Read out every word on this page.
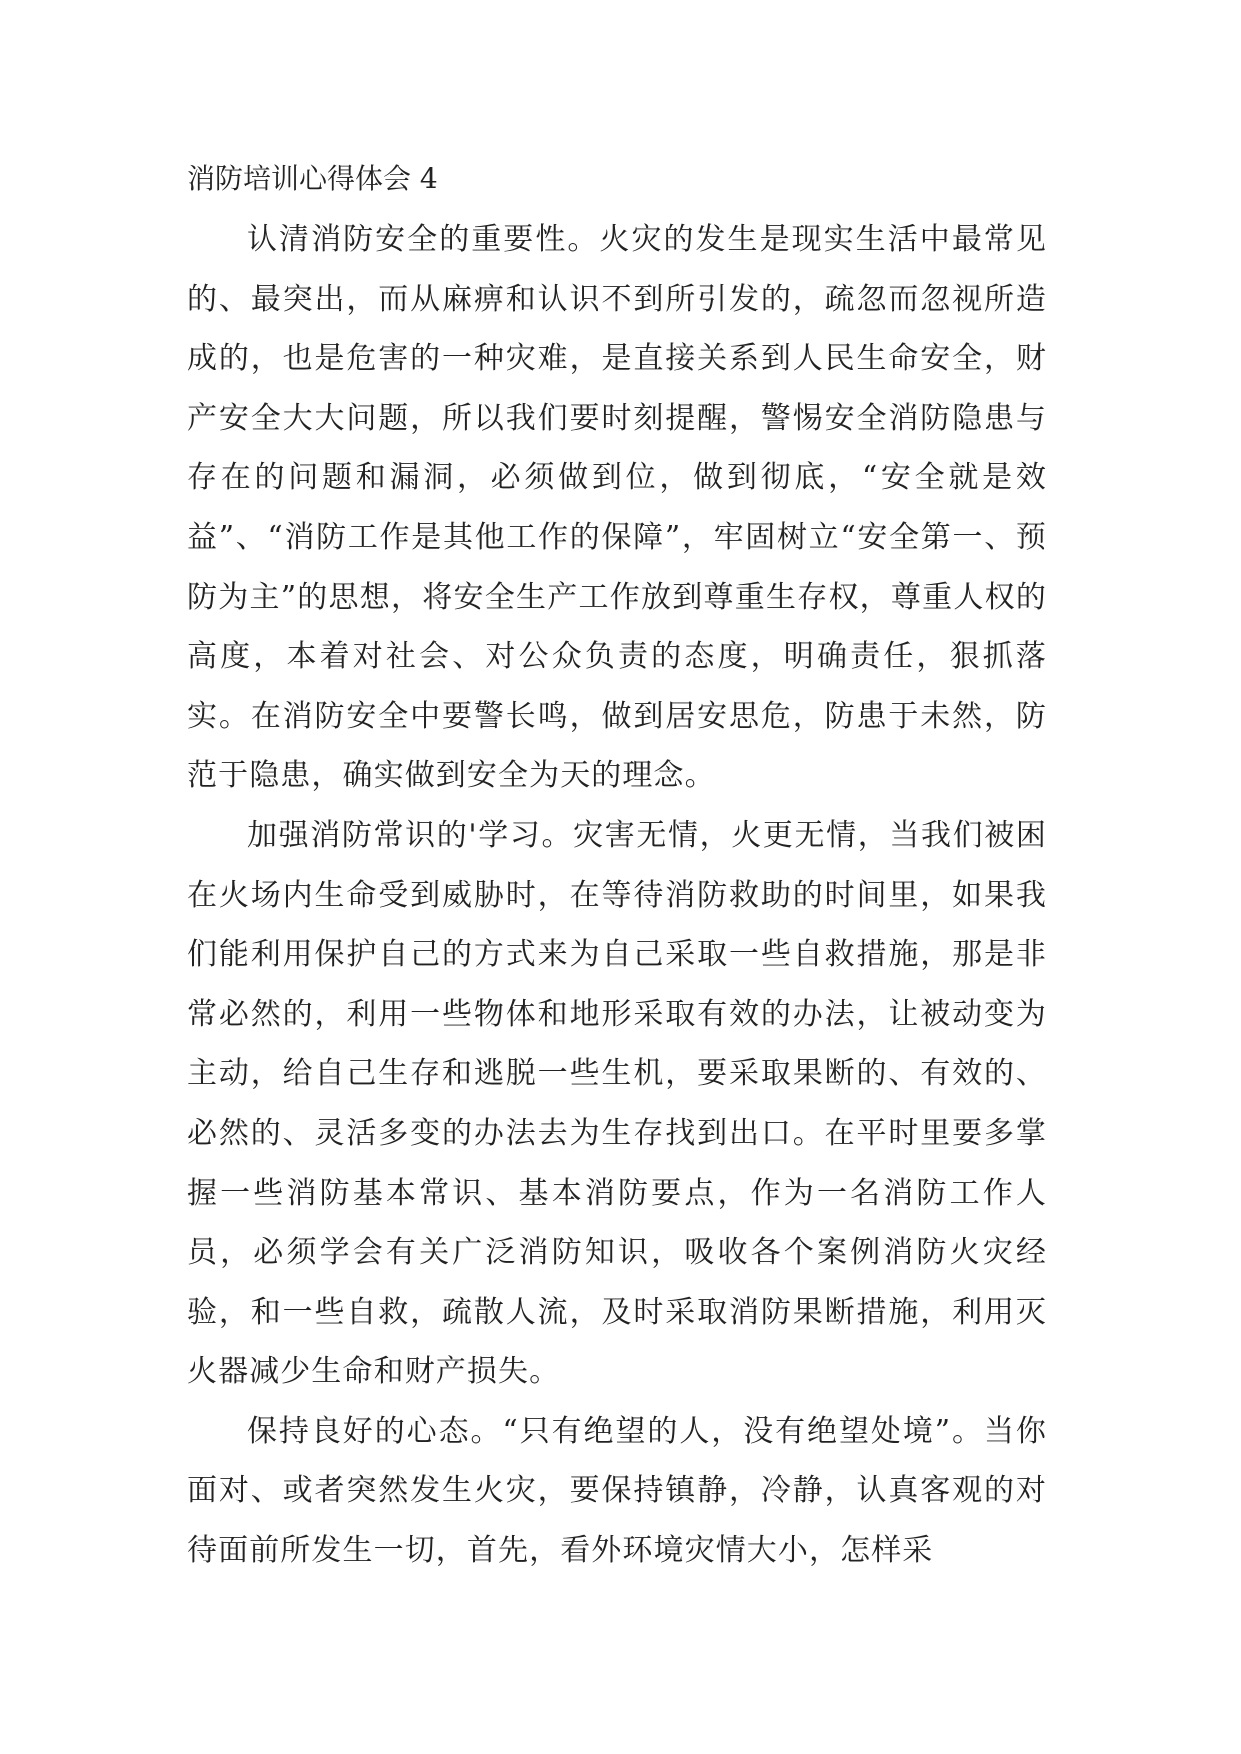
消防培训心得体会 4

认清消防安全的重要性。火灾的发生是现实生活中最常见的、最突出，而从麻痹和认识不到所引发的，疏忽而忽视所造成的，也是危害的一种灾难，是直接关系到人民生命安全，财产安全大大问题，所以我们要时刻提醒，警惕安全消防隐患与存在的问题和漏洞，必须做到位，做到彻底，“安全就是效益”、“消防工作是其他工作的保障”，牢固树立“安全第一、预防为主”的思想，将安全生产工作放到尊重生存权，尊重人权的高度，本着对社会、对公众负责的态度，明确责任，狠抓落实。在消防安全中要警长鸣，做到居安思危，防患于未然，防范于隐患，确实做到安全为天的理念。

加强消防常识的'学习。灾害无情，火更无情，当我们被困在火场内生命受到威胁时，在等待消防救助的时间里，如果我们能利用保护自己的方式来为自己采取一些自救措施，那是非常必然的，利用一些物体和地形采取有效的办法，让被动变为主动，给自己生存和逃脱一些生机，要采取果断的、有效的、必然的、灵活多变的办法去为生存找到出口。在平时里要多掌握一些消防基本常识、基本消防要点，作为一名消防工作人员，必须学会有关广泛消防知识，吸收各个案例消防火灾经验，和一些自救，疏散人流，及时采取消防果断措施，利用灭火器减少生命和财产损失。

保持良好的心态。“只有绝望的人，没有绝望处境”。当你面对、或者突然发生火灾，要保持镇静，冷静，认真客观的对待面前所发生一切，首先，看外环境灾情大小，怎样采
